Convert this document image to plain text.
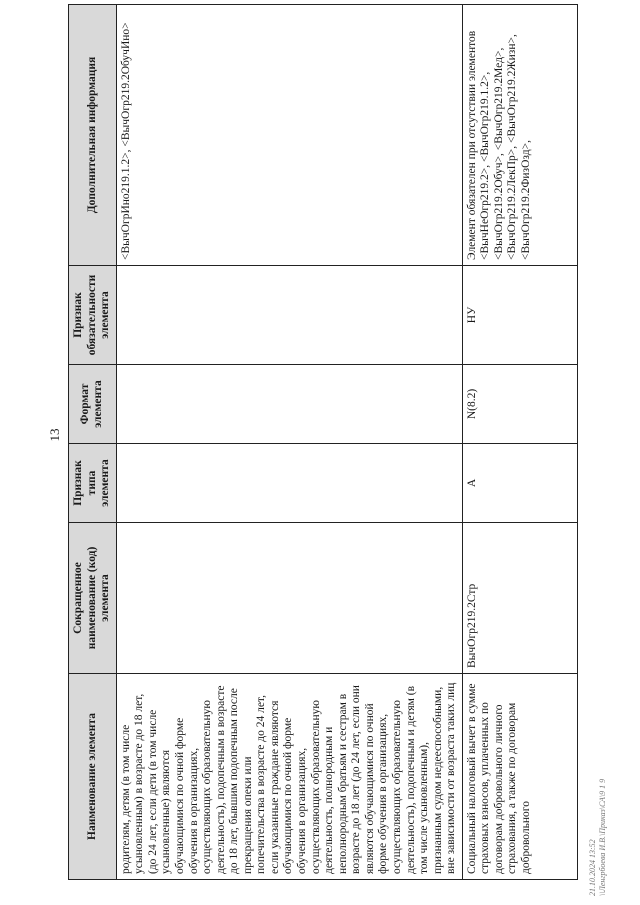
13
Наименование элемента	Сокращенное наименование (код) элемента	Признак типа элемента	Формат элемента	Признак обязательности элемента	Дополнительная информация
родителям, детям (в том числе усыновленным) в возрасте до 18 лет, (до 24 лет, если дети (в том числе усыновленные) являются обучающимися по очной форме обучения в организациях, осуществляющих образовательную деятельность), подопечным в возрасте до 18 лет, бывшим подопечным после прекращения опеки или попечительства в возрасте до 24 лет, если указанные граждане являются обучающимися по очной форме обучения в организациях, осуществляющих образовательную деятельность, полнородным и неполнородным братьям и сестрам в возрасте до 18 лет (до 24 лет, если они являются обучающимися по очной форме обучения в организациях, осуществляющих образовательную деятельность), подопечным и детям (в том числе усыновленным), признанным судом недееспособными, вне зависимости от возраста таких лиц					<ВычОгрИно219.1.2>, <ВычОгр219.2ОбучИно>
Социальный налоговый вычет в сумме страховых взносов, уплаченных по договорам добровольного личного страхования, а также по договорам добровольного	ВычОгр219.2Стр	А	N(8.2)	НУ	Элемент обязателен при отсутствии элементов <ВычНеОгр219.2>, <ВычОгр219.1.2>, <ВычОгр219.2Обуч>, <ВычОгр219.2Мед>, <ВычОгр219.2ЛекПр>, <ВычОгр219.2Жизн>, <ВычОгр219.2ФизОзд>,
21.10.2024 13:52 \\Ленгрбоева И.В.\Приказ\СА\9 1 9
